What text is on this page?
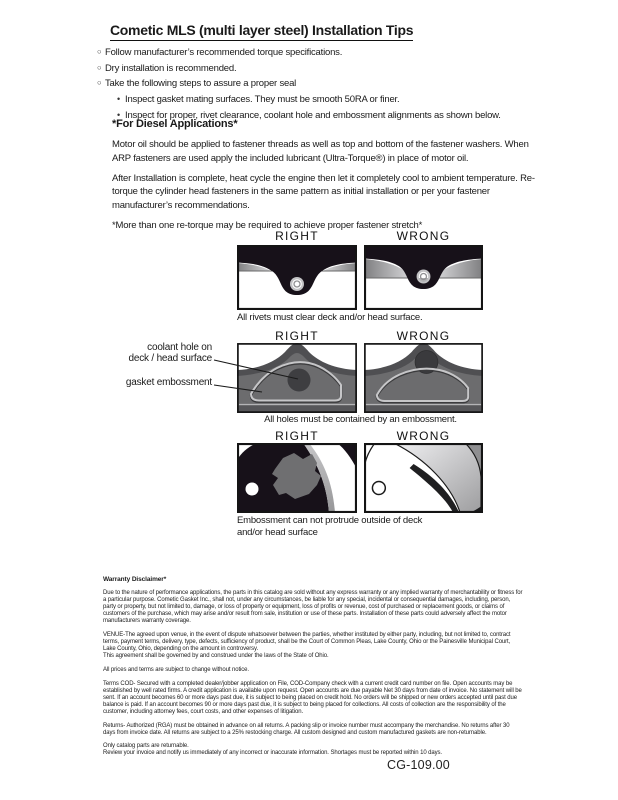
Cometic MLS (multi layer steel) Installation Tips
○ Follow manufacturer’s recommended torque specifications.
○ Dry installation is recommended.
○ Take the following steps to assure a proper seal
• Inspect gasket mating surfaces. They must be smooth 50RA or finer.
• Inspect for proper, rivet clearance, coolant hole and embossment alignments as shown below.
*For Diesel Applications*

Motor oil should be applied to fastener threads as well as top and bottom of the fastener washers. When ARP fasteners are used apply the included lubricant (Ultra-Torque®) in place of motor oil.

After Installation is complete, heat cycle the engine then let it completely cool to ambient temperature. Re-torque the cylinder head fasteners in the same pattern as initial installation or per your fastener manufacturer’s recommendations.

*More than one re-torque may be required to achieve proper fastener stretch*

RIGHT	WRONG
All rivets must clear deck and/or head surface.
RIGHT	WRONG
coolant hole on
deck / head surface
gasket embossment
All holes must be contained by an embossment.
RIGHT	WRONG
Embossment can not protrude outside of deck
and/or head surface
Warranty Disclaimer*

Due to the nature of performance applications, the parts in this catalog are sold without any express warranty or any implied warranty of merchantability or fitness for a particular purpose. Cometic Gasket Inc., shall not, under any circumstances, be liable for any special, incidental or consequential damages, including, person, party or property, but not limited to, damage, or loss of property or equipment, loss of profits or revenue, cost of purchased or replacement goods, or claims of customers of the purchase, which may arise and/or result from sale, institution or use of these parts. Installation of these parts could adversely affect the motor manufacturers warranty coverage.

VENUE-The agreed upon venue, in the event of dispute whatsoever between the parties, whether instituted by either party, including, but not limited to, contract terms, payment terms, delivery, type, defects, sufficiency of product, shall be the Court of Common Pleas, Lake County, Ohio or the Painesville Municipal Court, Lake County, Ohio, depending on the amount in controversy.

This agreement shall be governed by and construed under the laws of the State of Ohio.

All prices and terms are subject to change without notice.

Terms COD- Secured with a completed dealer/jobber application on File, COD-Company check with a current credit card number on file. Open accounts may be established by well rated firms. A credit application is available upon request. Open accounts are due payable Net 30 days from date of invoice. No statement will be sent. If an account becomes 60 or more days past due, it is subject to being placed on credit hold. No orders will be shipped or new orders accepted until past due balance is paid. If an account becomes 90 or more days past due, it is subject to being placed for collections. All costs of collection are the responsibility of the customer, including attorney fees, court costs, and other expenses of litigation.

Returns- Authorized (RGA) must be obtained in advance on all returns. A packing slip or invoice number must accompany the merchandise. No returns after 30 days from invoice date. All returns are subject to a 25% restocking charge. All custom designed and custom manufactured gaskets are non-returnable.

Only catalog parts are returnable.

Review your invoice and notify us immediately of any incorrect or inaccurate information. Shortages must be reported within 10 days.

CG-109.00
